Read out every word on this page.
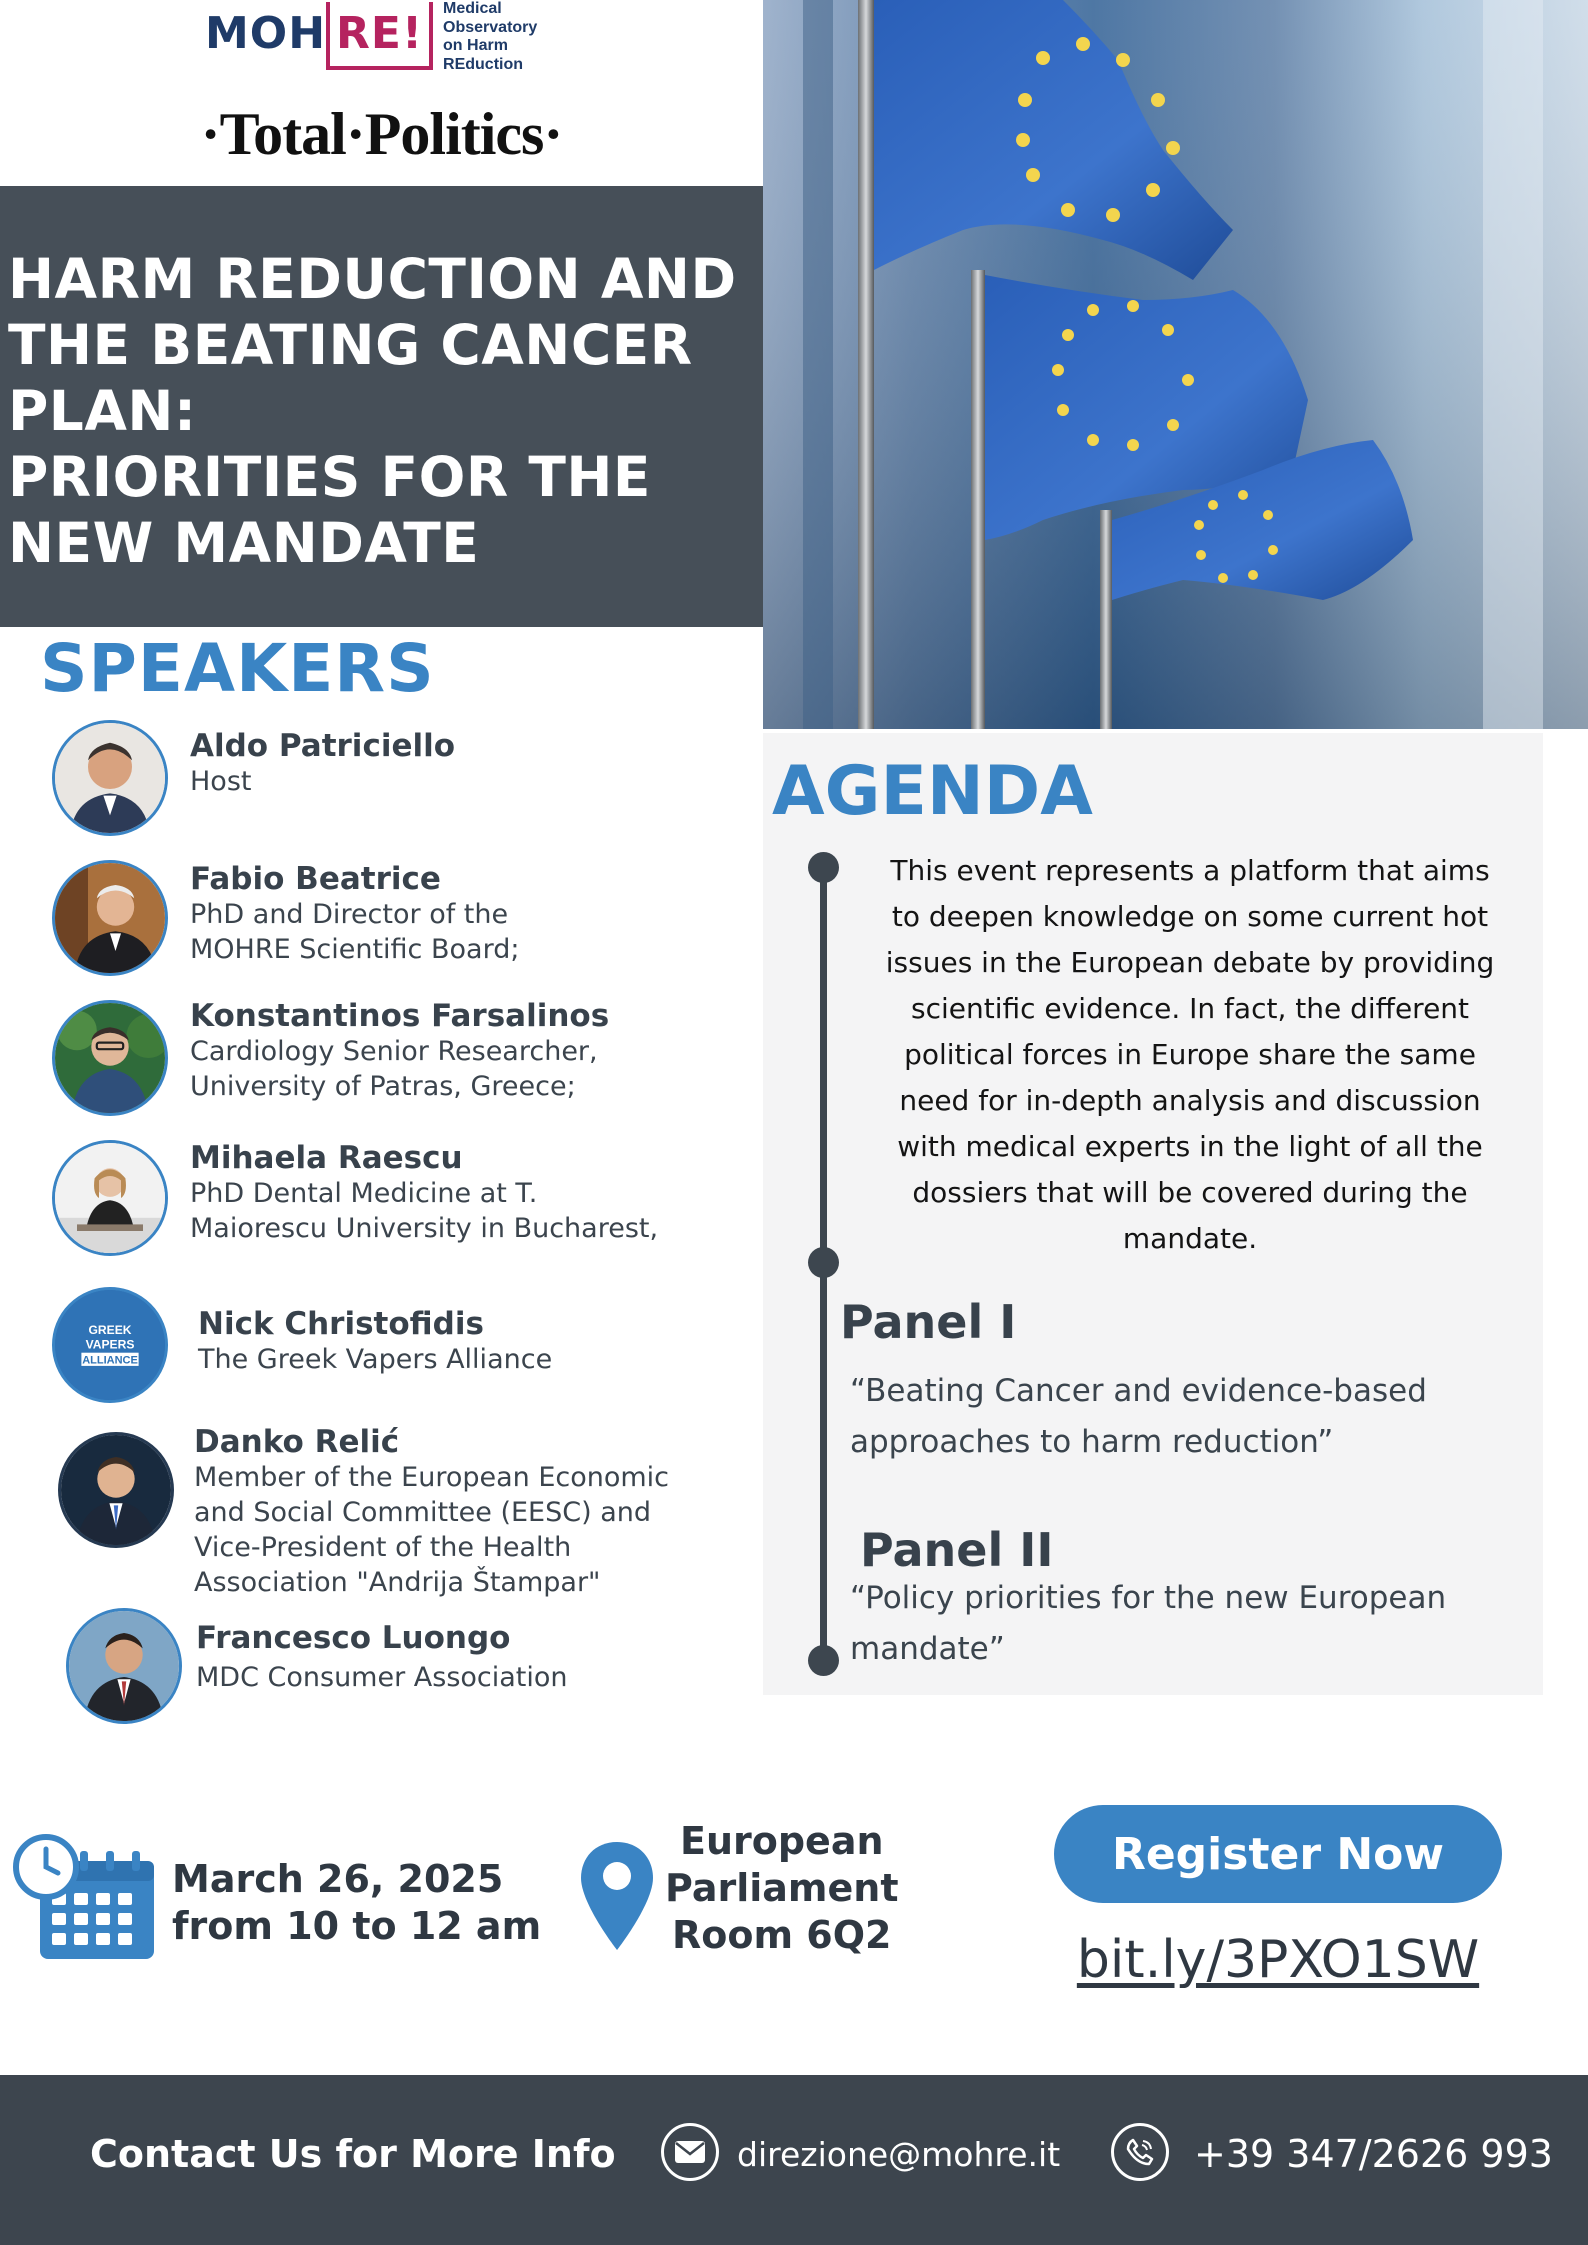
MOH RE!	Medical
Observatory
on Harm
REduction
·Total·Politics·
HARM REDUCTION AND
THE BEATING CANCER
PLAN:
PRIORITIES FOR THE
NEW MANDATE
SPEAKERS
Aldo Patriciello
Host
Fabio Beatrice
PhD and Director of the
MOHRE Scientific Board;
Konstantinos Farsalinos
Cardiology Senior Researcher,
University of Patras, Greece;
Mihaela Raescu
PhD Dental Medicine at T.
Maiorescu University in Bucharest,
GREEK
VAPERS
ALLIANCE
Nick Christofidis
The Greek Vapers Alliance
Danko Relić
Member of the European Economic
and Social Committee (EESC) and
Vice-President of the Health
Association "Andrija Štampar"
Francesco Luongo
MDC Consumer Association
AGENDA
This event represents a platform that aims
to deepen knowledge on some current hot
issues in the European debate by providing
scientific evidence. In fact, the different
political forces in Europe share the same
need for in-depth analysis and discussion
with medical experts in the light of all the
dossiers that will be covered during the
mandate.
Panel I
“Beating Cancer and evidence-based
approaches to harm reduction”
Panel II
“Policy priorities for the new European
mandate”
March 26, 2025
from 10 to 12 am
European
Parliament
Room 6Q2
Register Now
bit.ly/3PXO1SW
Contact Us for More Info	direzione@mohre.it	+39 347/2626 993
